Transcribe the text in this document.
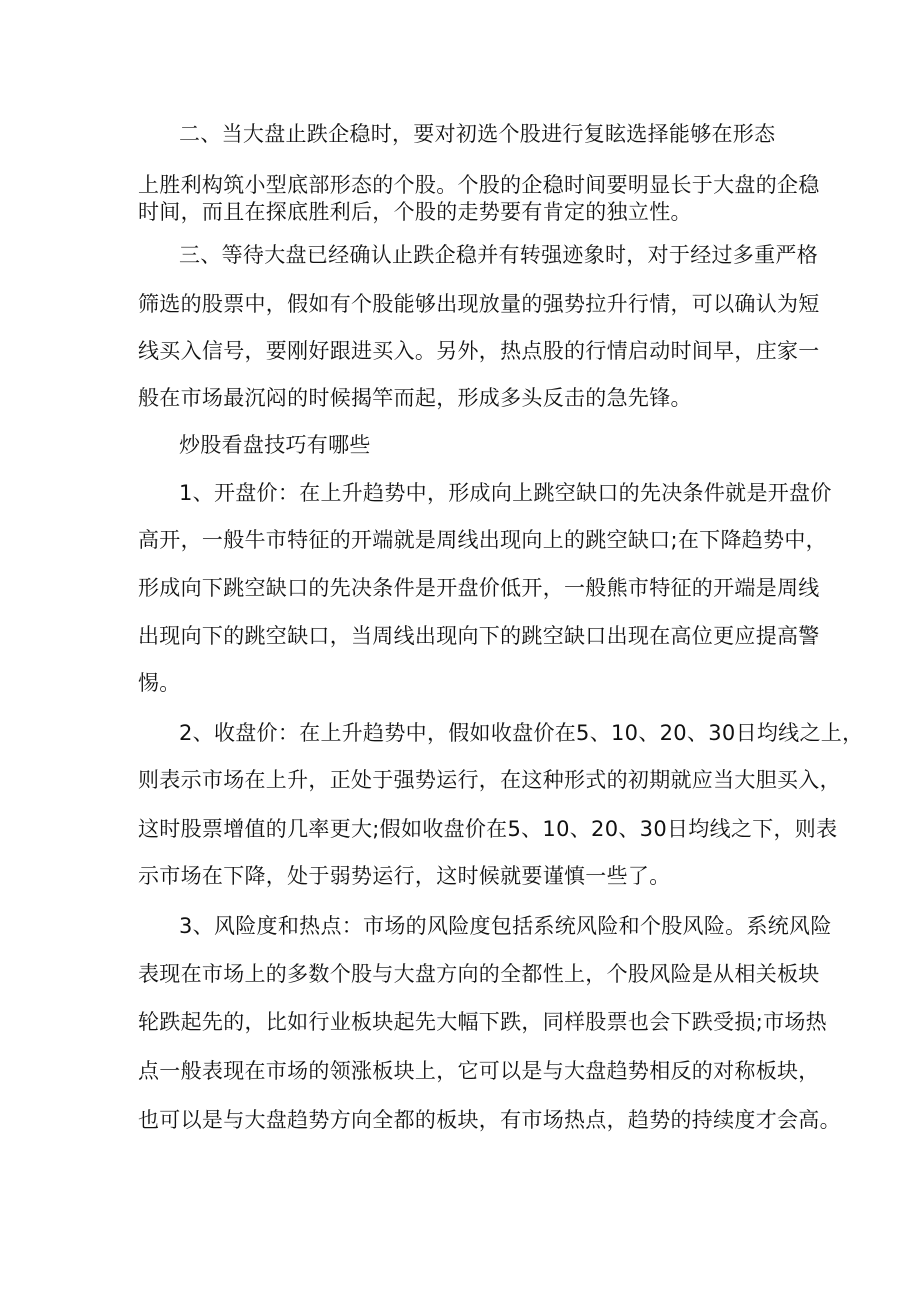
二、当大盘止跌企稳时，要对初选个股进行复眩选择能够在形态
上胜利构筑小型底部形态的个股。个股的企稳时间要明显长于大盘的企稳
时间，而且在探底胜利后，个股的走势要有肯定的独立性。
三、等待大盘已经确认止跌企稳并有转强迹象时，对于经过多重严格
筛选的股票中，假如有个股能够出现放量的强势拉升行情，可以确认为短
线买入信号，要刚好跟进买入。另外，热点股的行情启动时间早，庄家一
般在市场最沉闷的时候揭竿而起，形成多头反击的急先锋。
炒股看盘技巧有哪些
1、开盘价：在上升趋势中，形成向上跳空缺口的先决条件就是开盘价
高开，一般牛市特征的开端就是周线出现向上的跳空缺口;在下降趋势中，
形成向下跳空缺口的先决条件是开盘价低开，一般熊市特征的开端是周线
出现向下的跳空缺口，当周线出现向下的跳空缺口出现在高位更应提高警
惕。
2、收盘价：在上升趋势中，假如收盘价在5、10、20、30日均线之上，
则表示市场在上升，正处于强势运行，在这种形式的初期就应当大胆买入，
这时股票增值的几率更大;假如收盘价在5、10、20、30日均线之下，则表
示市场在下降，处于弱势运行，这时候就要谨慎一些了。
3、风险度和热点：市场的风险度包括系统风险和个股风险。系统风险
表现在市场上的多数个股与大盘方向的全都性上，个股风险是从相关板块
轮跌起先的，比如行业板块起先大幅下跌，同样股票也会下跌受损;市场热
点一般表现在市场的领涨板块上，它可以是与大盘趋势相反的对称板块，
也可以是与大盘趋势方向全都的板块，有市场热点，趋势的持续度才会高。
